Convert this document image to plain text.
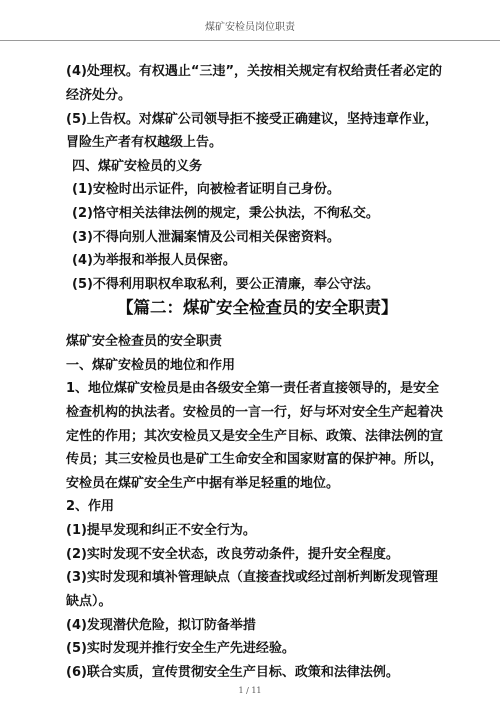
煤矿安检员岗位职责
(4)处理权。有权遇止“三违”，关按相关规定有权给责任者必定的
经济处分。
(5)上告权。对煤矿公司领导拒不接受正确建议，坚持违章作业，
冒险生产者有权越级上告。
四、煤矿安检员的义务
(1)安检时出示证件，向被检者证明自己身份。
(2)恪守相关法律法例的规定，秉公执法，不徇私交。
(3)不得向别人泄漏案情及公司相关保密资料。
(4)为举报和举报人员保密。
(5)不得利用职权牟取私利，要公正清廉，奉公守法。
【篇二：煤矿安全检查员的安全职责】
煤矿安全检查员的安全职责
一、煤矿安检员的地位和作用
1、地位煤矿安检员是由各级安全第一责任者直接领导的，是安全
检查机构的执法者。安检员的一言一行，好与坏对安全生产起着决
定性的作用；其次安检员又是安全生产目标、政策、法律法例的宣
传员；其三安检员也是矿工生命安全和国家财富的保护神。所以，
安检员在煤矿安全生产中据有举足轻重的地位。
2、作用
(1)提早发现和纠正不安全行为。
(2)实时发现不安全状态，改良劳动条件，提升安全程度。
(3)实时发现和填补管理缺点（直接查找或经过剖析判断发现管理
缺点）。
(4)发现潜伏危险，拟订防备举措
(5)实时发现并推行安全生产先进经验。
(6)联合实质，宣传贯彻安全生产目标、政策和法律法例。
1 / 11
